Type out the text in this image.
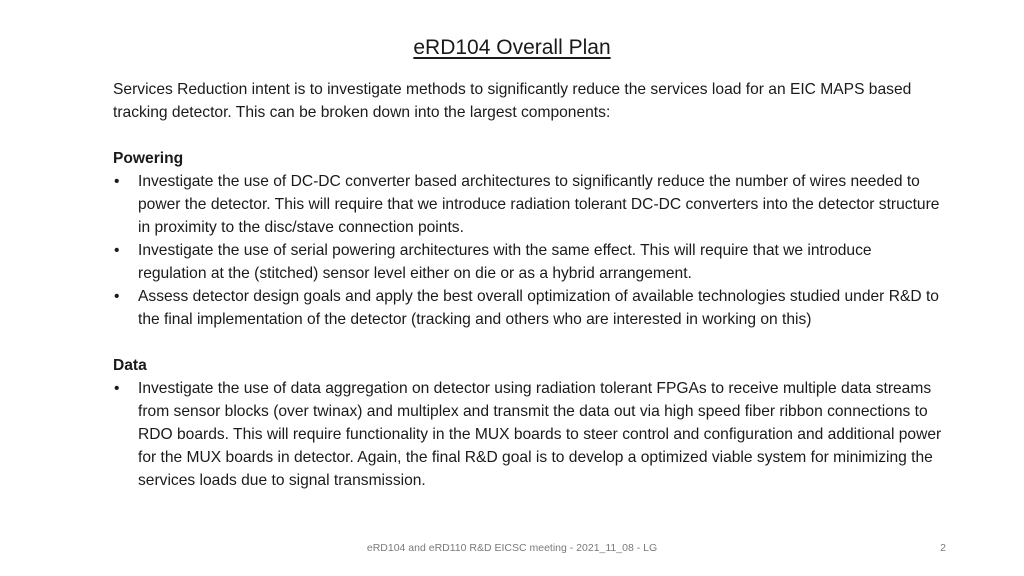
eRD104 Overall Plan

Services Reduction intent is to investigate methods to significantly reduce the services load for an EIC MAPS based tracking detector. This can be broken down into the largest components:

Powering
• Investigate the use of DC-DC converter based architectures to significantly reduce the number of wires needed to power the detector. This will require that we introduce radiation tolerant DC-DC converters into the detector structure in proximity to the disc/stave connection points.
• Investigate the use of serial powering architectures with the same effect. This will require that we introduce regulation at the (stitched) sensor level either on die or as a hybrid arrangement.
• Assess detector design goals and apply the best overall optimization of available technologies studied under R&D to the final implementation of the detector (tracking and others who are interested in working on this)
Data
• Investigate the use of data aggregation on detector using radiation tolerant FPGAs to receive multiple data streams from sensor blocks (over twinax) and multiplex and transmit the data out via high speed fiber ribbon connections to RDO boards. This will require functionality in the MUX boards to steer control and configuration and additional power for the MUX boards in detector. Again, the final R&D goal is to develop a optimized viable system for minimizing the services loads due to signal transmission.
eRD104 and eRD110 R&D EICSC meeting - 2021_11_08 - LG	2
